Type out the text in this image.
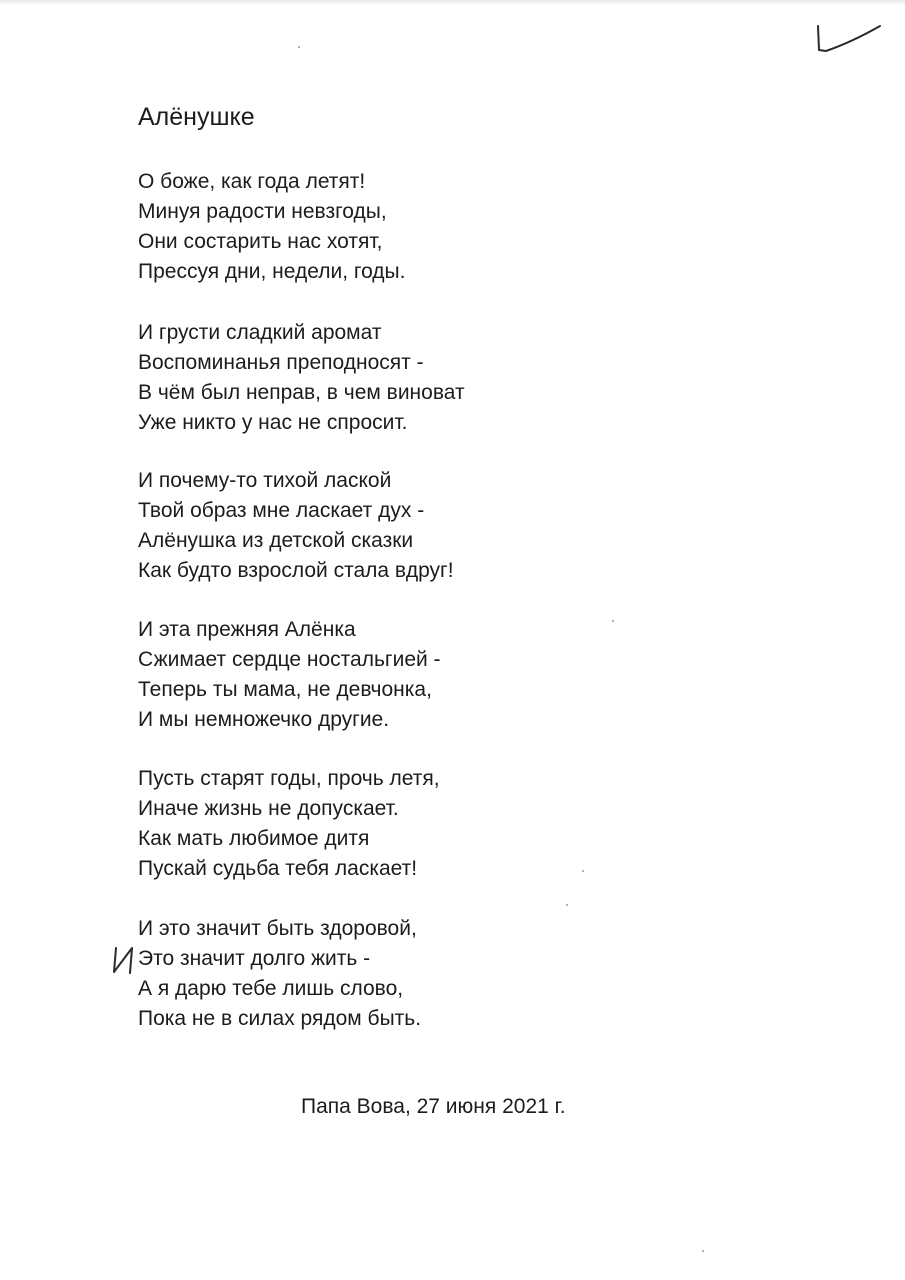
Алёнушке
О боже, как года летят!
Минуя радости невзгоды,
Они состарить нас хотят,
Прессуя дни, недели, годы.
И грусти сладкий аромат
Воспоминанья преподносят -
В чём был неправ, в чем виноват
Уже никто у нас не спросит.
И почему-то тихой лаской
Твой образ мне ласкает дух -
Алёнушка из детской сказки
Как будто взрослой стала вдруг!
И эта прежняя Алёнка
Сжимает сердце ностальгией -
Теперь ты мама, не девчонка,
И мы немножечко другие.
Пусть старят годы, прочь летя,
Иначе жизнь не допускает.
Как мать любимое дитя
Пускай судьба тебя ласкает!
И это значит быть здоровой,
Это значит долго жить -
А я дарю тебе лишь слово,
Пока не в силах рядом быть.
Папа Вова, 27 июня 2021 г.
